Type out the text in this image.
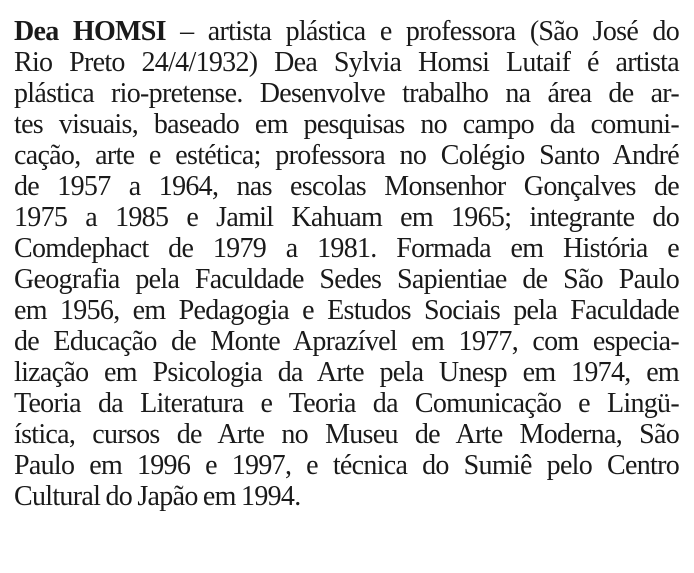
Dea HOMSI – artista plástica e professora (São José do
Rio Preto 24/4/1932) Dea Sylvia Homsi Lutaif é artista
plástica rio-pretense. Desenvolve trabalho na área de ar-
tes visuais, baseado em pesquisas no campo da comuni-
cação, arte e estética; professora no Colégio Santo André
de 1957 a 1964, nas escolas Monsenhor Gonçalves de
1975 a 1985 e Jamil Kahuam em 1965; integrante do
Comdephact de 1979 a 1981. Formada em História e
Geografia pela Faculdade Sedes Sapientiae de São Paulo
em 1956, em Pedagogia e Estudos Sociais pela Faculdade
de Educação de Monte Aprazível em 1977, com especia-
lização em Psicologia da Arte pela Unesp em 1974, em
Teoria da Literatura e Teoria da Comunicação e Lingü-
ística, cursos de Arte no Museu de Arte Moderna, São
Paulo em 1996 e 1997, e técnica do Sumiê pelo Centro
Cultural do Japão em 1994.
